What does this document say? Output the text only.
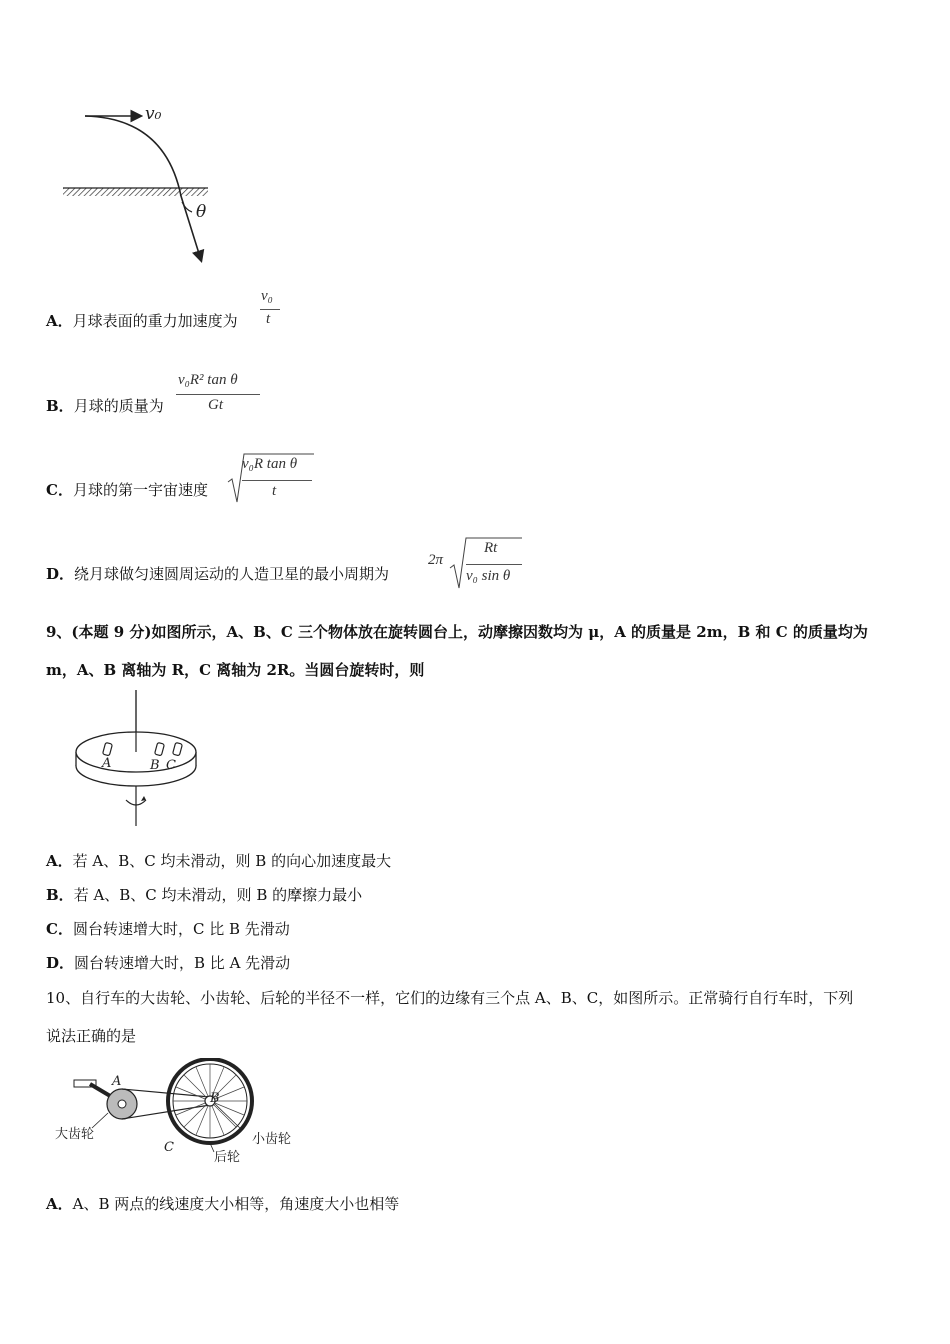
v₀
θ
A．月球表面的重力加速度为
v₀
t
B．月球的质量为
v₀R² tan θ
Gt
C．月球的第一宇宙速度
v₀R tan θ
t
D．绕月球做匀速圆周运动的人造卫星的最小周期为
2π
Rt
v₀ sin θ
9、(本题 9 分)如图所示，A、B、C 三个物体放在旋转圆台上，动摩擦因数均为 μ，A 的质量是 2m，B 和 C 的质量均为
m，A、B 离轴为 R，C 离轴为 2R。当圆台旋转时，则
A	B C
A．若 A、B、C 均未滑动，则 B 的向心加速度最大
B．若 A、B、C 均未滑动，则 B 的摩擦力最小
C．圆台转速增大时，C 比 B 先滑动
D．圆台转速增大时，B 比 A 先滑动
10、自行车的大齿轮、小齿轮、后轮的半径不一样，它们的边缘有三个点 A、B、C，如图所示。正常骑行自行车时，下列
说法正确的是
A
B
C
大齿轮	小齿轮
后轮
A．A、B 两点的线速度大小相等，角速度大小也相等
